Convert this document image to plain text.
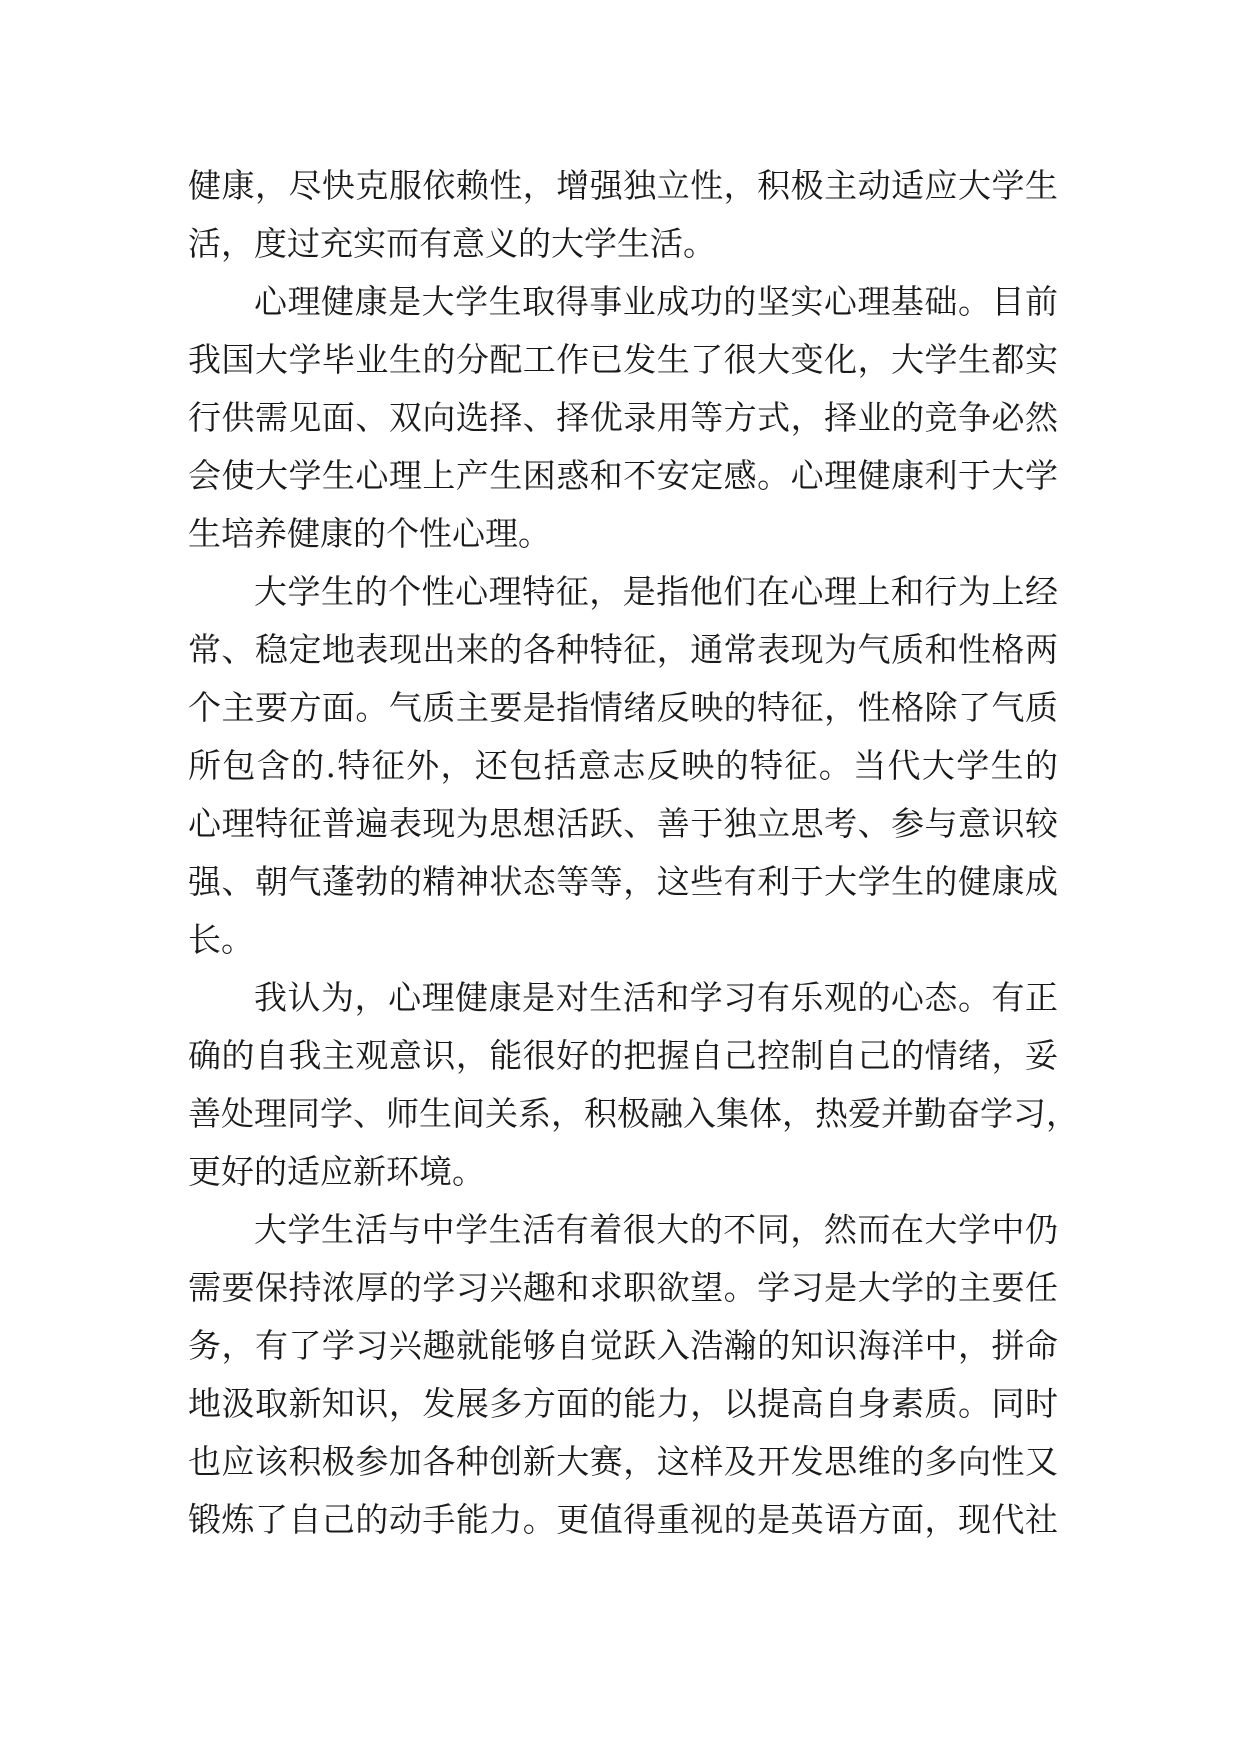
健康，尽快克服依赖性，增强独立性，积极主动适应大学生
活，度过充实而有意义的大学生活。
心理健康是大学生取得事业成功的坚实心理基础。目前
我国大学毕业生的分配工作已发生了很大变化，大学生都实
行供需见面、双向选择、择优录用等方式，择业的竞争必然
会使大学生心理上产生困惑和不安定感。心理健康利于大学
生培养健康的个性心理。
大学生的个性心理特征，是指他们在心理上和行为上经
常、稳定地表现出来的各种特征，通常表现为气质和性格两
个主要方面。气质主要是指情绪反映的特征，性格除了气质
所包含的.特征外，还包括意志反映的特征。当代大学生的
心理特征普遍表现为思想活跃、善于独立思考、参与意识较
强、朝气蓬勃的精神状态等等，这些有利于大学生的健康成
长。
我认为，心理健康是对生活和学习有乐观的心态。有正
确的自我主观意识，能很好的把握自己控制自己的情绪，妥
善处理同学、师生间关系，积极融入集体，热爱并勤奋学习，
更好的适应新环境。
大学生活与中学生活有着很大的不同，然而在大学中仍
需要保持浓厚的学习兴趣和求职欲望。学习是大学的主要任
务，有了学习兴趣就能够自觉跃入浩瀚的知识海洋中，拼命
地汲取新知识，发展多方面的能力，以提高自身素质。同时
也应该积极参加各种创新大赛，这样及开发思维的多向性又
锻炼了自己的动手能力。更值得重视的是英语方面，现代社
